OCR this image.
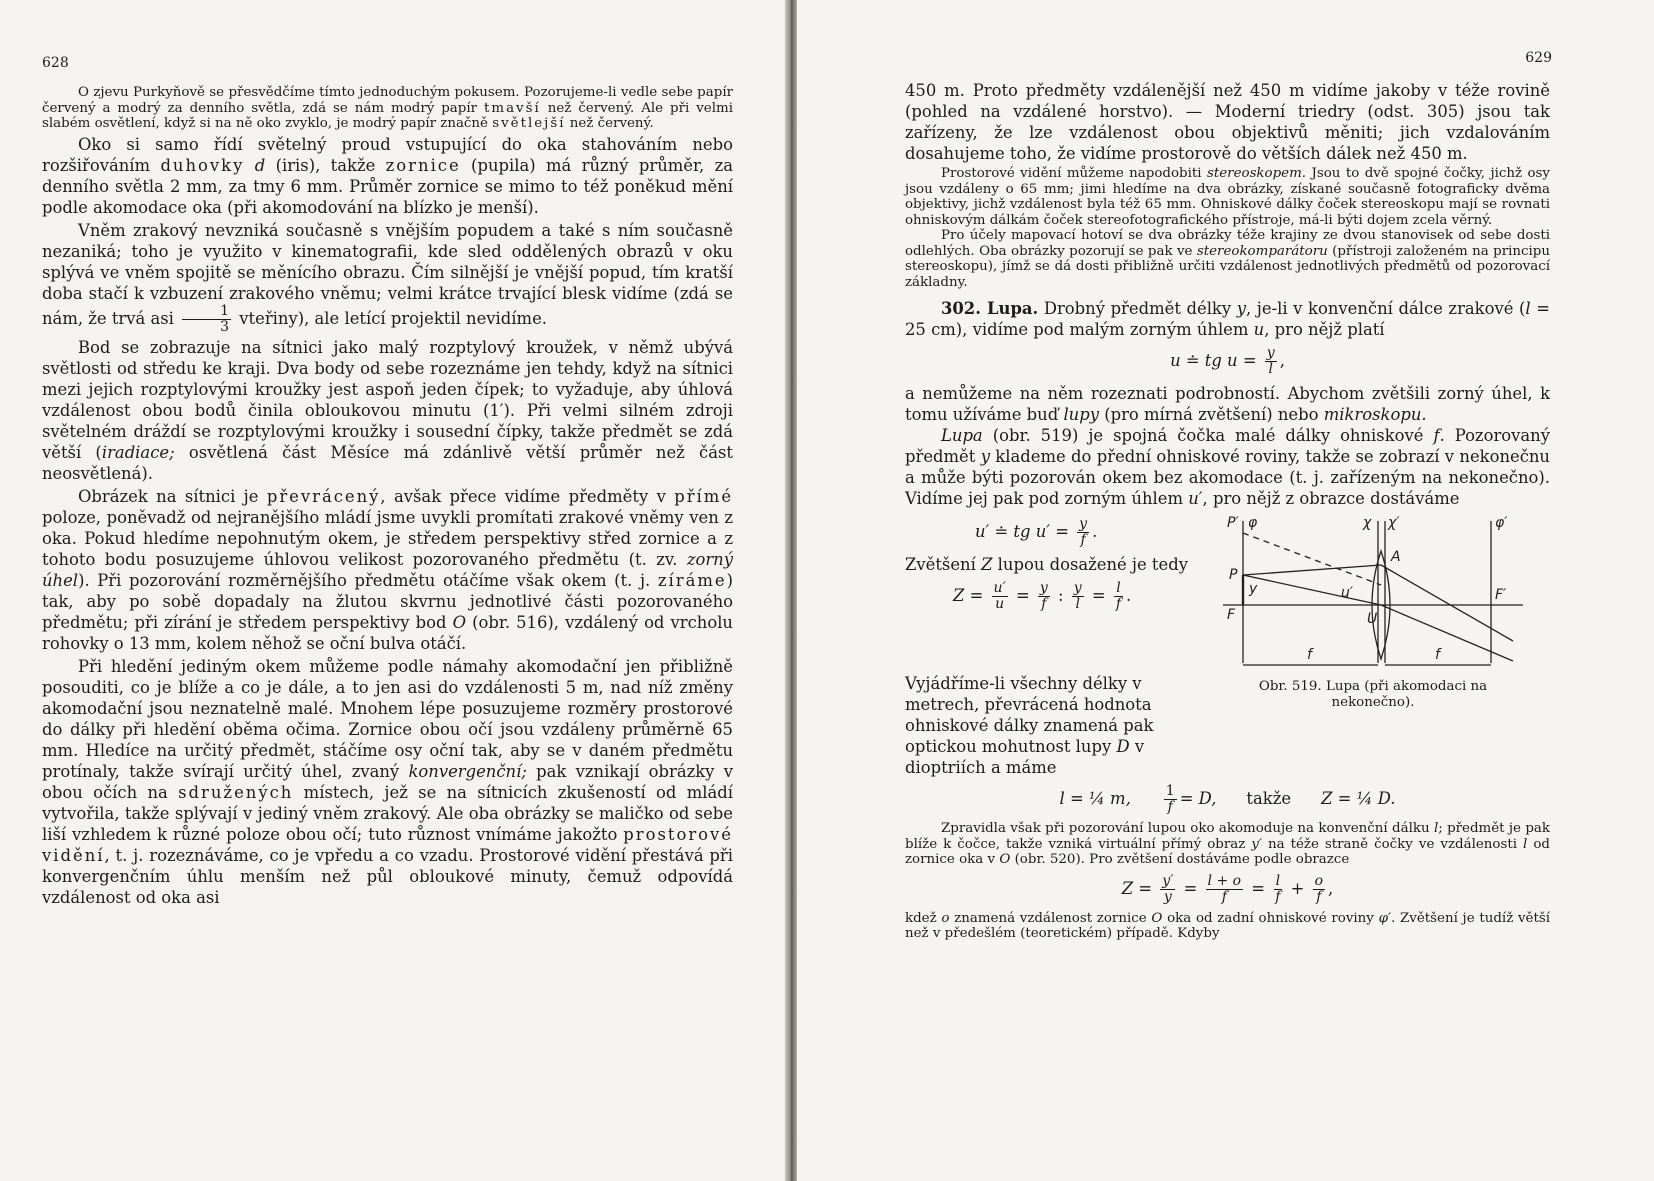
628

O zjevu Purkyňově se přesvědčíme tímto jednoduchým pokusem. Pozorujeme-li vedle sebe papír červený a modrý za denního světla, zdá se nám modrý papír tmavší než červený. Ale při velmi slabém osvětlení, když si na ně oko zvyklo, je modrý papír značně světlejší než červený.

Oko si samo řídí světelný proud vstupující do oka stahováním nebo rozšiřováním duhovky d (iris), takže zornice (pupila) má různý průměr, za denního světla 2 mm, za tmy 6 mm. Průměr zornice se mimo to též poněkud mění podle akomodace oka (při akomodování na blízko je menší).

Vněm zrakový nevzniká současně s vnějším popudem a také s ním současně nezaniká; toho je využito v kinematografii, kde sled oddělených obrazů v oku splývá ve vněm spojitě se měnícího obrazu. Čím silnější je vnější popud, tím kratší doba stačí k vzbuzení zrakového vněmu; velmi krátce trvající blesk vidíme (zdá se nám, že trvá asi $\frac{1}{3}$ vteřiny), ale letící projektil nevidíme.

Bod se zobrazuje na sítnici jako malý rozptylový kroužek, v němž ubývá světlosti od středu ke kraji. Dva body od sebe rozeznáme jen tehdy, když na sítnici mezi jejich rozptylovými kroužky jest aspoň jeden čípek; to vyžaduje, aby úhlová vzdálenost obou bodů činila obloukovou minutu (1′). Při velmi silném zdroji světelném dráždí se rozptylovými kroužky i sousední čípky, takže předmět se zdá větší (iradiace; osvětlená část Měsíce má zdánlivě větší průměr než část neosvětlená).

Obrázek na sítnici je převrácený, avšak přece vidíme předměty v přímé poloze, poněvadž od nejranějšího mládí jsme uvykli promítati zrakové vněmy ven z oka. Pokud hledíme nepohnutým okem, je středem perspektivy střed zornice a z tohoto bodu posuzujeme úhlovou velikost pozorovaného předmětu (t. zv. zorný úhel). Při pozorování rozměrnějšího předmětu otáčíme však okem (t. j. zíráme) tak, aby po sobě dopadaly na žlutou skvrnu jednotlivé části pozorovaného předmětu; při zírání je středem perspektivy bod O (obr. 516), vzdálený od vrcholu rohovky o 13 mm, kolem něhož se oční bulva otáčí.

Při hledění jediným okem můžeme podle námahy akomodační jen přibližně posouditi, co je blíže a co je dále, a to jen asi do vzdálenosti 5 m, nad níž změny akomodační jsou neznatelně malé. Mnohem lépe posuzujeme rozměry prostorové do dálky při hledění oběma očima. Zornice obou očí jsou vzdáleny průměrně 65 mm. Hledíce na určitý předmět, stáčíme osy oční tak, aby se v daném předmětu protínaly, takže svírají určitý úhel, zvaný konvergenční; pak vznikají obrázky v obou očích na sdružených místech, jež se na sítnicích zkušeností od mládí vytvořila, takže splývají v jediný vněm zrakový. Ale oba obrázky se maličko od sebe liší vzhledem k různé poloze obou očí; tuto různost vnímáme jakožto prostorové vidění, t. j. rozeznáváme, co je vpředu a co vzadu. Prostorové vidění přestává při konvergenčním úhlu menším než půl obloukové minuty, čemuž odpovídá vzdálenost od oka asi

629

450 m. Proto předměty vzdálenější než 450 m vidíme jakoby v téže rovině (pohled na vzdálené horstvo). — Moderní triedry (odst. 305) jsou tak zařízeny, že lze vzdálenost obou objektivů měniti; jich vzdalováním dosahujeme toho, že vidíme prostorově do větších dálek než 450 m.

Prostorové vidění můžeme napodobiti stereoskopem. Jsou to dvě spojné čočky, jichž osy jsou vzdáleny o 65 mm; jimi hledíme na dva obrázky, získané současně fotograficky dvěma objektivy, jichž vzdálenost byla též 65 mm. Ohniskové dálky čoček stereoskopu mají se rovnati ohniskovým dálkám čoček stereofotografického přístroje, má-li býti dojem zcela věrný.

Pro účely mapovací hotoví se dva obrázky téže krajiny ze dvou stanovisek od sebe dosti odlehlých. Oba obrázky pozorují se pak ve stereokomparátoru (přístroji založeném na principu stereoskopu), jímž se dá dosti přibližně určiti vzdálenost jednotlivých předmětů od pozorovací základny.

302. Lupa. Drobný předmět délky y, je-li v konvenční dálce zrakové (l = 25 cm), vidíme pod malým zorným úhlem u, pro nějž platí

u ≐ tg $u = \frac{y}{l}$ ,

a nemůžeme na něm rozeznati podrobností. Abychom zvětšili zorný úhel, k tomu užíváme buď lupy (pro mírná zvětšení) nebo mikroskopu.

Lupa (obr. 519) je spojná čočka malé dálky ohniskové f. Pozorovaný předmět y klademe do přední ohniskové roviny, takže se zobrazí v nekonečnu a může býti pozorován okem bez akomodace (t. j. zařízeným na nekonečno). Vidíme jej pak pod zorným úhlem u′, pro nějž z obrazce dostáváme

u′ ≐ tg $u' = \frac{y}{f}$ .

Zvětšení Z lupou dosažené je tedy

$Z = \frac{u'}{u} = \frac{y}{f}$ : $\frac{y}{l} = \frac{l}{f}$ .
P′ φ	χ χ′	φ′
A
P
y
F
F′
u′
U
f	f
Obr. 519. Lupa (při akomodaci na nekonečno).

Vyjádříme-li všechny délky v metrech, převrácená hodnota ohniskové dálky znamená pak optickou mohutnost lupy D v dioptriích a máme

l = ¼ m, $\frac{1}{f} = D$, takže Z = ¼ D.

Zpravidla však při pozorování lupou oko akomoduje na konvenční dálku l; předmět je pak blíže k čočce, takže vzniká virtuální přímý obraz y′ na téže straně čočky ve vzdálenosti l od zornice oka v O (obr. 520). Pro zvětšení dostáváme podle obrazce

$Z = \frac{y'}{y} = \frac{l + o}{f} = \frac{l}{f} + \frac{o}{f}$ ,

kdež o znamená vzdálenost zornice O oka od zadní ohniskové roviny φ′. Zvětšení je tudíž větší než v předešlém (teoretickém) případě. Kdyby
